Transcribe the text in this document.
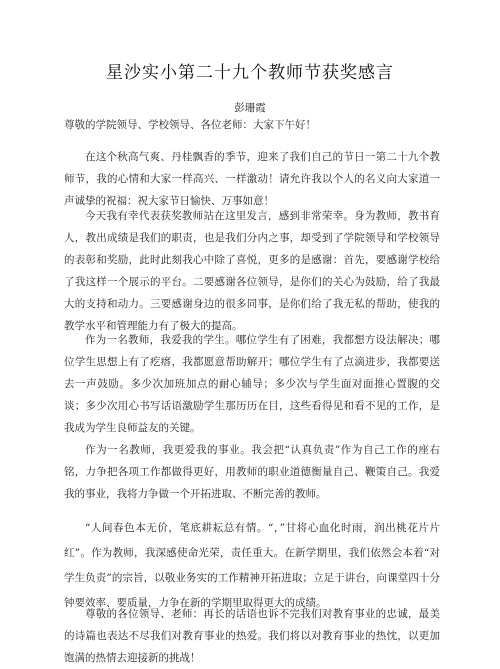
星沙实小第二十九个教师节获奖感言
彭珊霞
尊敬的学院领导、学校领导、各位老师：大家下午好！

在这个秋高气爽、丹桂飘香的季节，迎来了我们自己的节日一第二十九个教师节，我的心情和大家一样高兴、一样激动！请允许我以个人的名义向大家道一声诚挚的祝福：祝大家节日愉快、万事如意！

今天我有幸代表获奖教师站在这里发言，感到非常荣幸。身为教师，教书育人，教出成绩是我们的职责，也是我们分内之事，却受到了学院领导和学校领导的表彰和奖励，此时此刻我心中除了喜悦，更多的是感谢：首先，要感谢学校给了我这样一个展示的平台。二要感谢各位领导，是你们的关心为鼓励，给了我最大的支持和动力。三要感谢身边的很多同事，是你们给了我无私的帮助，使我的教学水平和管理能力有了极大的提高。

作为一名教师，我爱我的学生。哪位学生有了困难，我都想方设法解决；哪位学生思想上有了疙瘩，我都愿意帮助解开；哪位学生有了点滴进步，我都要送去一声鼓励。多少次加班加点的耐心辅导；多少次与学生面对面推心置腹的交谈；多少次用心书写话语激励学生那历历在目，这些看得见和看不见的工作，是我成为学生良师益友的关键。

作为一名教师，我更爱我的事业。我会把“认真负责”作为自己工作的座右铭，力争把各项工作都做得更好，用教师的职业道德衡量自己、鞭策自己。我爱我的事业，我将力争做一个开拓进取、不断完善的教师。

“人间春色本无价，笔底耕耘总有情。“，”甘将心血化时雨，润出桃花片片红”。作为教师，我深感使命光荣，责任重大。在新学期里，我们依然会本着“对学生负责”的宗旨，以敬业务实的工作精神开拓进取；立足于讲台，向课堂四十分钟要效率、要质量，力争在新的学期里取得更大的成绩。

尊敬的各位领导、老师：再长的话语也诉不完我们对教育事业的忠诚，最美的诗篇也表达不尽我们对教育事业的热爱。我们将以对教育事业的热忱，以更加饱满的热情去迎接新的挑战！
